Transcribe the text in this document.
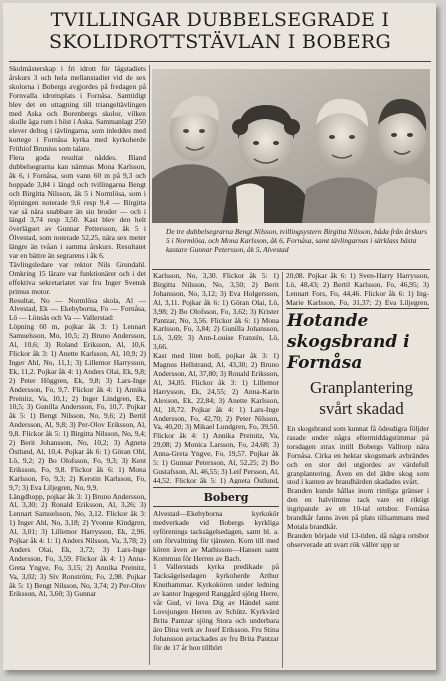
TVILLINGAR DUBBELSEGRADE I
SKOLIDROTTSTÄVLAN I BOBERG

Skolmästerskap i fri idrott för lågstadiets årskurs 3 och hela mellanstadiet vid de sex skolorna i Bobergs avgjordes på fredagen på Fornvalla idrottsplats i Fornåsa. Samtidigt blev det en uttagning till triangeltävlingen med Aska och Borenbergs skolor, vilken skulle äga rum i höst i Aska. Sammanlagt 250 elever deltog i tävlingarna, som inleddes med kortege i Fornåsa kyrka med kyrkoherde Frithiof Brunius som talare.
Flera goda resultat nåddes. Bland dubbelsegrarna kan nämnas Mona Karlsson, åk 6, i Fornåsa, som vann 60 m på 9,3 och hoppade 3,84 i längd och tvillingarna Bengt och Birgitta Nilsson, åk 5 i Normlösa, som i löpningen noterade 9,6 resp 9,4 — Birgitta var så nära snabbare än sin broder — och i längd 3,74 resp 3,50. Kast blev den helt överlägset av Gunnar Pettersson, åk 5 i Ölvestad, som noterade 52,25, nära sex meter längre än tvåan i samma årskurs. Resultatet var en bättre än segrarens i åk 6.
Tävlingsledare var rektor Nils Grundahl. Omkring 15 lärare var funktionärer och i det effektiva sekretariatet var fru Inger Svensk primus motor.
Resultat, No — Normlösa skola, Al — Alvestad, Ek — Ekebyborna, Fo — Fornåsa, Lö — Lönsås och Va — Vallerstad:
Löpning 60 m, pojkar åk 3: 1) Lennart Samuelsson, Mo, 10,5; 2) Bruno Andersson, Al, 10,6; 3) Roland Eriksson, Al, 10,6. Flickor åk 3: 1) Anette Karlsson, Al, 10,9; 2) Inger Ahl, No, 11,1; 3) Lillemor Harrysson, Ek, 11,2. Pojkar åk 4: 1) Anders Olai, Ek, 9,8; 2) Peter Höggren, Ek, 9,8; 3) Lars-Inge Andersson, Fo, 9,7. Flickor åk 4: 1) Annika Preinitz, Va, 10,1; 2) Inger Lindgren, Ek, 10,5; 3) Gunilla Andersson, Fo, 10,7. Pojkar åk 5: 1) Bengt Nilsson, No, 9,6; 2) Bertil Andersson, Al, 9,8; 3) Per-Olov Eriksson, Al, 9,8. Flickor åk 5: 1) Birgitta Nilsson, No, 9,4; 2) Berit Johansson, No, 10,2; 3) Agneta Östlund, Al, 10,4. Pojkar åk 6: 1) Göran Ohl, Lö, 9,2; 2) Bo Olofsson, Fo, 9,3; 3) Kent Eriksson, Fo, 9,8. Flickor åk 6: 1) Mona Karlsson, Fo, 9,3; 2) Kerstin Karlsson, Fo, 9,7; 3) Eva Liljegren, No, 9,9.
Längdhopp, pojkar åk 3: 1) Bruno Andersson, Al, 3,30; 2) Ronald Eriksson, Al, 3,26; 3) Lennart Samuelsson, No, 3,12. Flickor åk 3: 1) Inger Ahl, No, 3,18; 2) Yvonne Kindgren, Al, 3,01; 3) Lillemor Harrysson, Ek, 2,96. Pojkar åk 4: 1: 1) Anders Nilsson, Va, 3,78; 2) Anders Olai, Ek, 3,72; 3) Lars-Inge Andersson, Fo, 3,59. Flickor åk 4: 1) Anna-Greta Yngve, Fo, 3,15; 2) Annika Preinitz, Va, 3,02; 3) Siv Ronström, Fo, 2,98. Pojkar åk 5: 1) Bengt Nilsson, No, 3,74; 2) Per-Olov Eriksson, Al, 3,60; 3) Gunnar

De tre dubbelsegrarna Bengt Nilsson, tvillingsystern Birgitta Nilsson, båda från årskurs 5 i Normlösa, och Mona Karlsson, åk 6, Fornåsa, samt tävlingarnas i särklass bästa kastare Gunnar Petersson, åk 5, Alvestad

Karlsson, No, 3,30. Flickor åk 5: 1) Birgitta Nilsson, No, 3,50; 2) Berit Johansson, No, 3,12; 3) Eva Holgersson, Al, 3,11. Pojkar åk 6: 1) Göran Olai, Lö, 3,98; 2) Bo Olofsson, Fo, 3,62; 3) Krister Pantzar, No, 3,56. Flickor åk 6: 1) Mona Karlsson, Fo, 3,84; 2) Gunilla Johansson, Lö, 3,69; 3) Ann-Louise Franzén, Lö, 3,66.
Kast med liten boll, pojkar åk 3: 1) Magnus Hellstrand, Al, 43,30; 2) Bruno Andersson, Al, 37,80; 3) Ronald Eriksson, Al, 34,85. Flickor åk 3: 1) Lillemor Harrysson, Ek, 24,55; 2) Anna-Karin Alexson, Ek, 22,84; 3) Anette Karlsson, Al, 18,72. Pojkar åk 4: 1) Lars-Inge Andersson, Fo, 42,70; 2) Peter Nilsson, Va, 40,20; 3) Mikael Lundgren, Fo, 39,50. Flickor åk 4: 1) Annika Preinitz, Va, 29,08; 2) Monica Larsson, Fo, 24,68; 3) Anna-Greta Yngve, Fo, 19,57. Pojkar åk 5: 1) Gunnar Petersson, Al, 52,25; 2) Bo Gustafsson, Al, 46,55; 3) Leif Persson, Al, 44,52. Flickor åk 5: 1) Agneta Östlund,

20,08. Pojkar åk 6: 1) Sven-Harry Harrysson, Lö, 48,43; 2) Bertil Karlsson, Fo, 46,95; 3) Lennart Fors, Fo, 44,46. Flickor åk 6: 1) Ing-Marie Karlsson, Fo, 31,37; 2) Eva Liljegren,

Hotande skogsbrand i Fornåsa

Granplantering svårt skadad

En skogsbrand som kunnat få ödesdigra följder rasade under några eftermiddagstimmar på torsdagen strax intill Bobergs Valltorp nära Fornåsa. Cirka en hektar skogsmark avbrändes och en stor del utgjordes av värdefull granplantering. Även en del äldre skog som stod i kanten av brandhärden skadades svårt.
Branden kunde hållas inom rimliga gränser i den en halvtimme tack vare ett riktigt ingripande av ett 10-tal ortsbor. Fornåsa brandkår fanns även på plats tillsammans med Motala brandkår.
Branden började vid 13-tiden, då några ortsbor observerade att svart rök väller upp ur

Boberg

Alvestad—Ekebyborna kyrkokör medverkade vid Bobergs kyrkliga syförenings tacksägelsedagen, samt bl. a. om förvaltning för tjänsten. Kom till med kören även av Mathisson—Hansen samt Kommun för Herren av Bach.
1 Vallerstads kyrka predikade på Tacksägelsedagen kyrkoherde Arthur Knuthammar. Kyrkokören under ledning av kantor Ingegerd Ranggård sjöng Herre, vår Gud, vi lova Dig av Händel samt Lovsjungen Herren av Schütz. Kyrkvärd Brita Pantzar sjöng Stora och underbara äro Dina verk av Josef Eriksson. Fru Stina Johansson avtackades av fru Brita Pantzar för de 17 år hon tillhört
